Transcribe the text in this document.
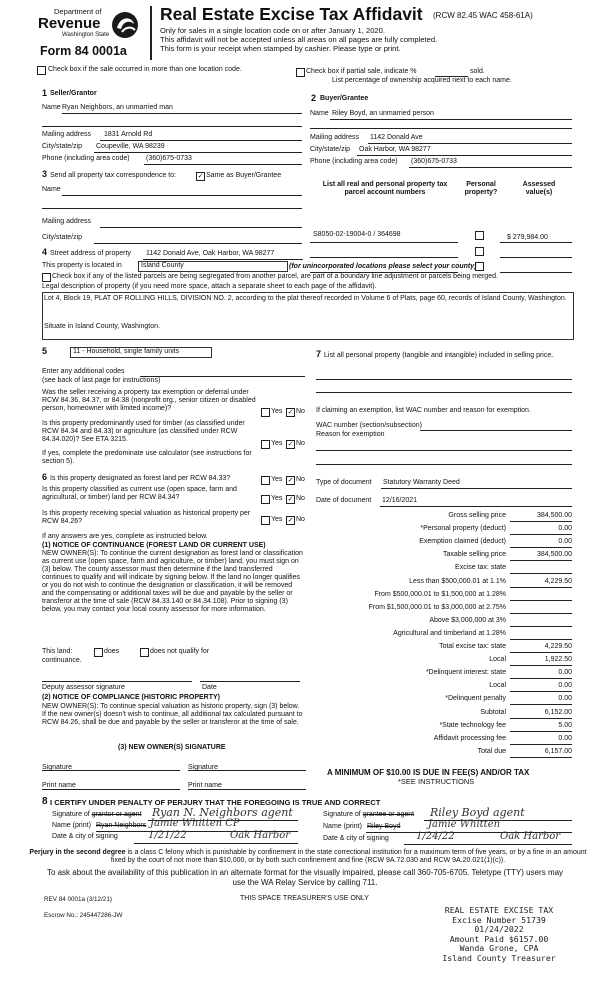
Department of
Revenue
Washington State
Form 84 0001a
Real Estate Excise Tax Affidavit (RCW 82.45 WAC 458-61A)
Only for sales in a single location code on or after January 1, 2020.
This affidavit will not be accepted unless all areas on all pages are fully completed.
This form is your receipt when stamped by cashier. Please type or print.
Check box if the sale occurred in more than one location code.	Check box if partial sale, indicate %	sold.
List percentage of ownership acquired next to each name.
1 Seller/Grantor
Name Ryan Neighbors, an unmarried man
Mailing address 1831 Arnold Rd
City/state/zip Coupeville, WA 98239
Phone (including area code) (360)675-0733
2 Buyer/Grantee
Name Riley Boyd, an unmarried person
Mailing address 1142 Donald Ave
City/state/zip Oak Harbor, WA 98277
Phone (including area code) (360)675-0733
3 Send all property tax correspondence to:	✓ Same as Buyer/Grantee
Name
Mailing address
City/state/zip
List all real and personal property tax parcel account numbers
Personal property?
Assessed value(s)
S8050-02-19004-0 / 364698	$ 279,984.00
4 Street address of property 1142 Donald Ave, Oak Harbor, WA 98277
This property is located in	Island County	(for unincorporated locations please select your county)
Check box if any of the listed parcels are being segregated from another parcel, are part of a boundary line adjustment or parcels being merged.
Legal description of property (if you need more space, attach a separate sheet to each page of the affidavit).
Lot 4, Block 19, PLAT OF ROLLING HILLS, DIVISION NO. 2, according to the plat thereof recorded in Volume 6 of Plats, page 60, records of Island County, Washington.
Situate in Island County, Washington.
5	11 - Household, single family units
Enter any additional codes
(see back of last page for instructions)
Was the seller receiving a property tax exemption or deferral under RCW 84.36, 84.37, or 84.38 (nonprofit org., senior citizen or disabled person, homeowner with limited income)?	Yes ✓ No
Is this property predominantly used for timber (as classified under RCW 84.34 and 84.33) or agriculture (as classified under RCW 84.34.020)? See ETA 3215.
Yes ✓ No
If yes, complete the predominate use calculator (see instructions for section 5).
6 Is this property designated as forest land per RCW 84.33?	Yes ✓ No
Is this property classified as current use (open space, farm and agricultural, or timber) land per RCW 84.34?	Yes ✓ No
Is this property receiving special valuation as historical property per RCW 84.26?	Yes ✓ No
If any answers are yes, complete as instructed below.
(1) NOTICE OF CONTINUANCE (FOREST LAND OR CURRENT USE)
NEW OWNER(S): To continue the current designation as forest land or classification as current use (open space, farm and agriculture, or timber) land, you must sign on (3) below. The county assessor must then determine if the land transferred continues to qualify and will indicate by signing below. If the land no longer qualifies or you do not wish to continue the designation or classification, it will be removed and the compensating or additional taxes will be due and payable by the seller or transferor at the time of sale (RCW 84.33.140 or 84.34.108). Prior to signing (3) below, you may contact your local county assessor for more information.
This land:	does	does not qualify for
continuance.
Deputy assessor signature	Date
(2) NOTICE OF COMPLIANCE (HISTORIC PROPERTY)
NEW OWNER(S): To continue special valuation as historic property, sign (3) below. If the new owner(s) doesn't wish to continue, all additional tax calculated pursuant to RCW 84.26, shall be due and payable by the seller or transferor at the time of sale.
(3) NEW OWNER(S) SIGNATURE
Signature	Signature
Print name	Print name
7 List all personal property (tangible and intangible) included in selling price.
If claiming an exemption, list WAC number and reason for exemption.
WAC number (section/subsection)
Reason for exemption
Type of document Statutory Warranty Deed
Date of document 12/16/2021
Gross selling price	384,500.00
*Personal property (deduct)	0.00
Exemption claimed (deduct)	0.00
Taxable selling price	384,500.00
Excise tax: state
Less than $500,000.01 at 1.1%	4,229.50
From $500,000.01 to $1,500,000 at 1.28%
From $1,500,000.01 to $3,000,000 at 2.75%
Above $3,000,000 at 3%
Agricultural and timberland at 1.28%
Total excise tax: state	4,229.50
Local	1,922.50
*Delinquent interest: state	0.00
Local	0.00
*Delinquent penalty	0.00
Subtotal	6,152.00
*State technology fee	5.00
Affidavit processing fee	0.00
Total due	6,157.00
A MINIMUM OF $10.00 IS DUE IN FEE(S) AND/OR TAX
*SEE INSTRUCTIONS
8 I CERTIFY UNDER PENALTY OF PERJURY THAT THE FOREGOING IS TRUE AND CORRECT
Signature of grantor or agent Ryan N. Neighbors agent
Name (print) Ryan Neighbors Jamie Whitten CP
Date & city of signing	1/21/22	Oak Harbor
Signature of grantee or agent Riley Boyd agent
Name (print) Riley Boyd	Jamie Whitten
Date & city of signing	1/24/22	Oak Harbor
Perjury in the second degree is a class C felony which is punishable by confinement in the state correctional institution for a maximum term of five years, or by a fine in an amount fixed by the court of not more than $10,000, or by both such confinement and fine (RCW 9A.72.030 and RCW 9A.20.021(1)(c)).
To ask about the availability of this publication in an alternate format for the visually impaired, please call 360-705-6705. Teletype (TTY) users may use the WA Relay Service by calling 711.
REV 84 0001a (3/12/21)	THIS SPACE TREASURER'S USE ONLY
Escrow No.: 245447286-JW
REAL ESTATE EXCISE TAX
Excise Number 51739
01/24/2022
Amount Paid $6157.00
Wanda Grone, CPA
Island County Treasurer
